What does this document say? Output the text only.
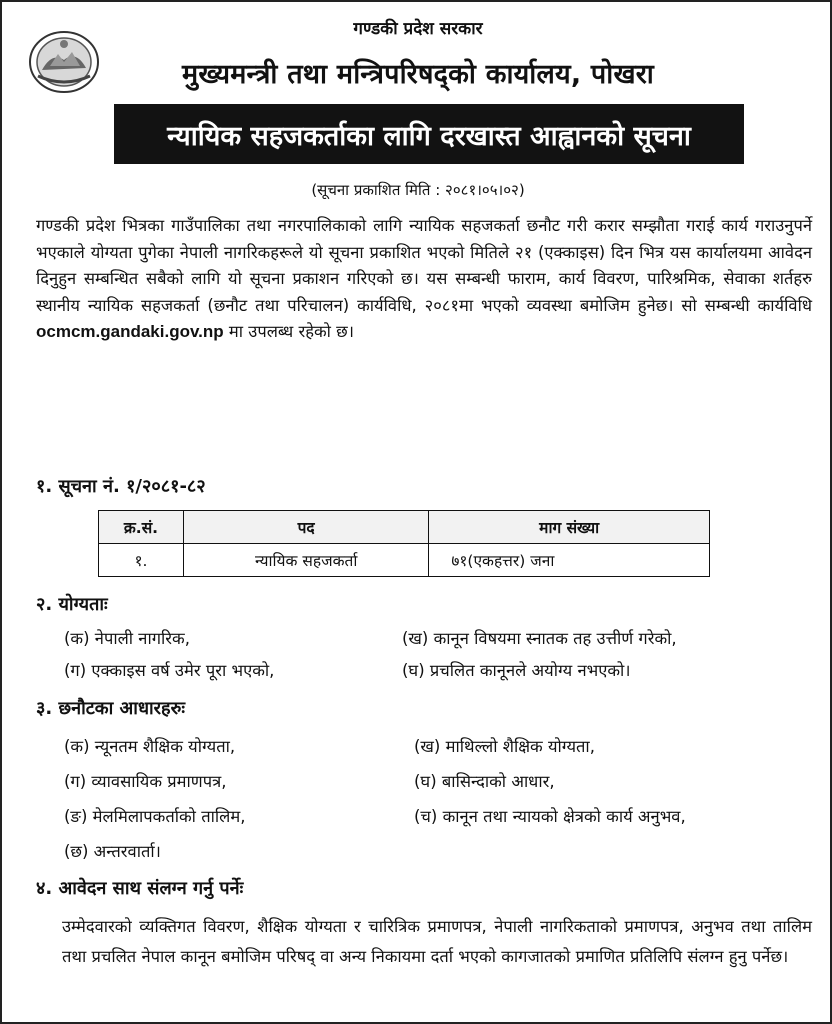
गण्डकी प्रदेश सरकार
मुख्यमन्त्री तथा मन्त्रिपरिषद्को कार्यालय, पोखरा
न्यायिक सहजकर्ताका लागि दरखास्त आह्वानको सूचना
(सूचना प्रकाशित मिति : २०८१।०५।०२)
गण्डकी प्रदेश भित्रका गाउँपालिका तथा नगरपालिकाको लागि न्यायिक सहजकर्ता छनौट गरी करार सम्झौता गराई कार्य गराउनुपर्ने भएकाले योग्यता पुगेका नेपाली नागरिकहरूले यो सूचना प्रकाशित भएको मितिले २१ (एक्काइस) दिन भित्र यस कार्यालयमा आवेदन दिनुहुन सम्बन्धित सबैको लागि यो सूचना प्रकाशन गरिएको छ। यस सम्बन्धी फाराम, कार्य विवरण, पारिश्रमिक, सेवाका शर्तहरु स्थानीय न्यायिक सहजकर्ता (छनौट तथा परिचालन) कार्यविधि, २०८१मा भएको व्यवस्था बमोजिम हुनेछ। सो सम्बन्धी कार्यविधि ocmcm.gandaki.gov.np मा उपलब्ध रहेको छ।
१. सूचना नं. १/२०८१-८२
क्र.सं.	पद	माग संख्या
१.	न्यायिक सहजकर्ता	७१(एकहत्तर) जना
२. योग्यताः
(क) नेपाली नागरिक,	(ख) कानून विषयमा स्नातक तह उत्तीर्ण गरेको,
(ग) एक्काइस वर्ष उमेर पूरा भएको,	(घ) प्रचलित कानूनले अयोग्य नभएको।
३. छनौटका आधारहरुः
(क) न्यूनतम शैक्षिक योग्यता,	(ख) माथिल्लो शैक्षिक योग्यता,
(ग) व्यावसायिक प्रमाणपत्र,	(घ) बासिन्दाको आधार,
(ङ) मेलमिलापकर्ताको तालिम,	(च) कानून तथा न्यायको क्षेत्रको कार्य अनुभव,
(छ) अन्तरवार्ता।
४. आवेदन साथ संलग्न गर्नु पर्नेः
उम्मेदवारको व्यक्तिगत विवरण, शैक्षिक योग्यता र चारित्रिक प्रमाणपत्र, नेपाली नागरिकताको प्रमाणपत्र, अनुभव तथा तालिम तथा प्रचलित नेपाल कानून बमोजिम परिषद् वा अन्य निकायमा दर्ता भएको कागजातको प्रमाणित प्रतिलिपि संलग्न हुनु पर्नेछ।
